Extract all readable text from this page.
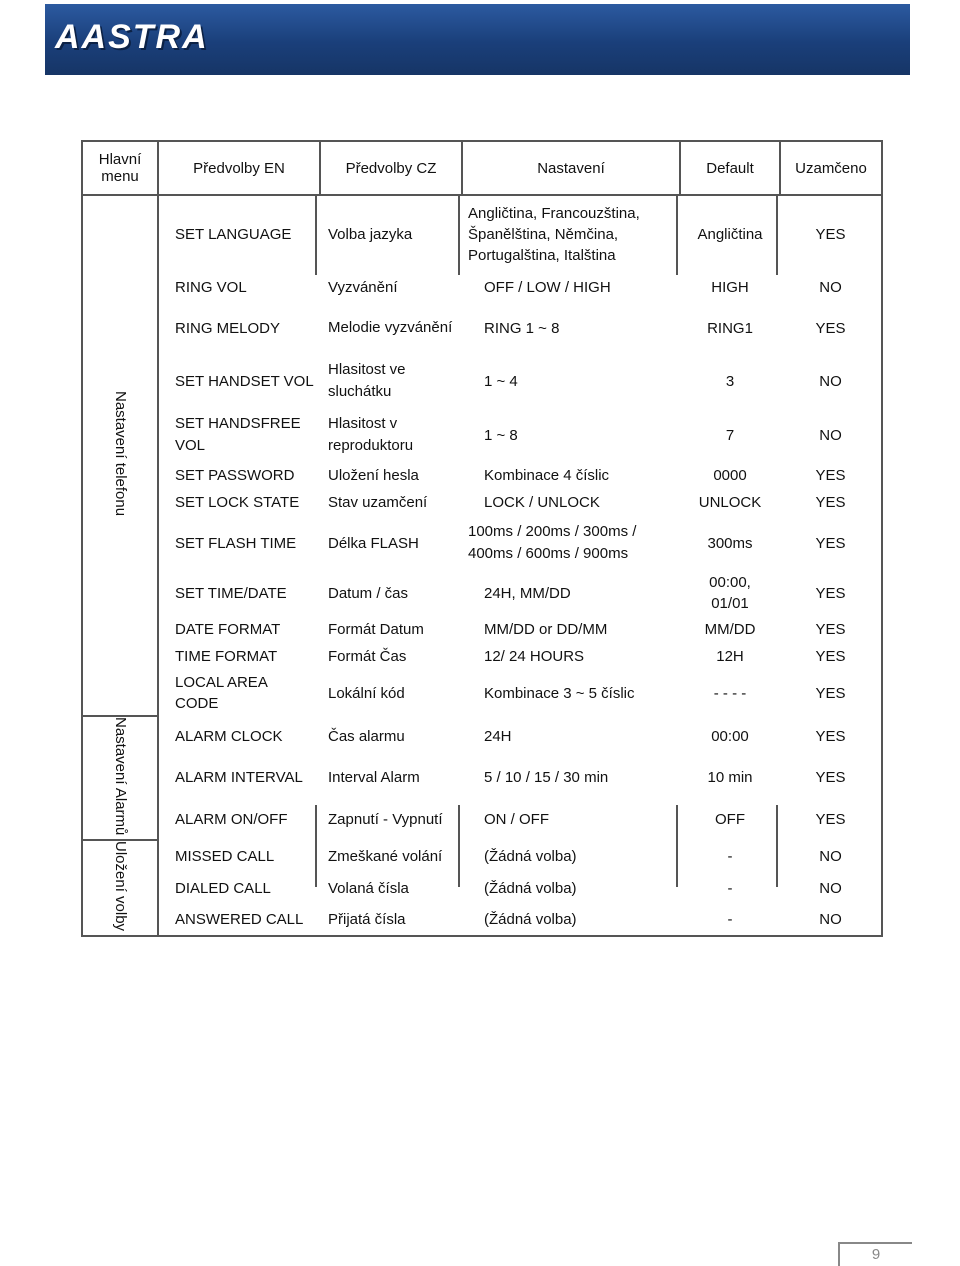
AASTRA
Hlavní menu	Předvolby EN	Předvolby CZ	Nastavení	Default	Uzamčeno
Nastavení telefonu	SET LANGUAGE	Volba jazyka	Angličtina, Francouzština, Španělština, Němčina, Portugalština, Italština	Angličtina	YES
	RING VOL	Vyzvánění	OFF / LOW / HIGH	HIGH	NO
	RING MELODY	Melodie vyzvánění	RING 1 ~ 8	RING1	YES
	SET HANDSET VOL	Hlasitost ve sluchátku	1 ~ 4	3	NO
	SET HANDSFREE VOL	Hlasitost v reproduktoru	1 ~ 8	7	NO
	SET PASSWORD	Uložení hesla	Kombinace 4 číslic	0000	YES
	SET LOCK STATE	Stav uzamčení	LOCK / UNLOCK	UNLOCK	YES
	SET FLASH TIME	Délka FLASH	100ms / 200ms / 300ms / 400ms / 600ms / 900ms	300ms	YES
	SET TIME/DATE	Datum / čas	24H, MM/DD	00:00, 01/01	YES
	DATE FORMAT	Formát Datum	MM/DD or DD/MM	MM/DD	YES
	TIME FORMAT	Formát Čas	12/ 24 HOURS	12H	YES
	LOCAL AREA CODE	Lokální kód	Kombinace 3 ~ 5 číslic	- - - -	YES
Nastavení Alarmů	ALARM CLOCK	Čas alarmu	24H	00:00	YES
	ALARM INTERVAL	Interval Alarm	5 / 10 / 15 / 30 min	10 min	YES
	ALARM ON/OFF	Zapnutí - Vypnutí	ON / OFF	OFF	YES
Uložení volby	MISSED CALL	Zmeškané volání	(Žádná volba)	-	NO
	DIALED CALL	Volaná čísla	(Žádná volba)	-	NO
	ANSWERED CALL	Přijatá čísla	(Žádná volba)	-	NO
9
